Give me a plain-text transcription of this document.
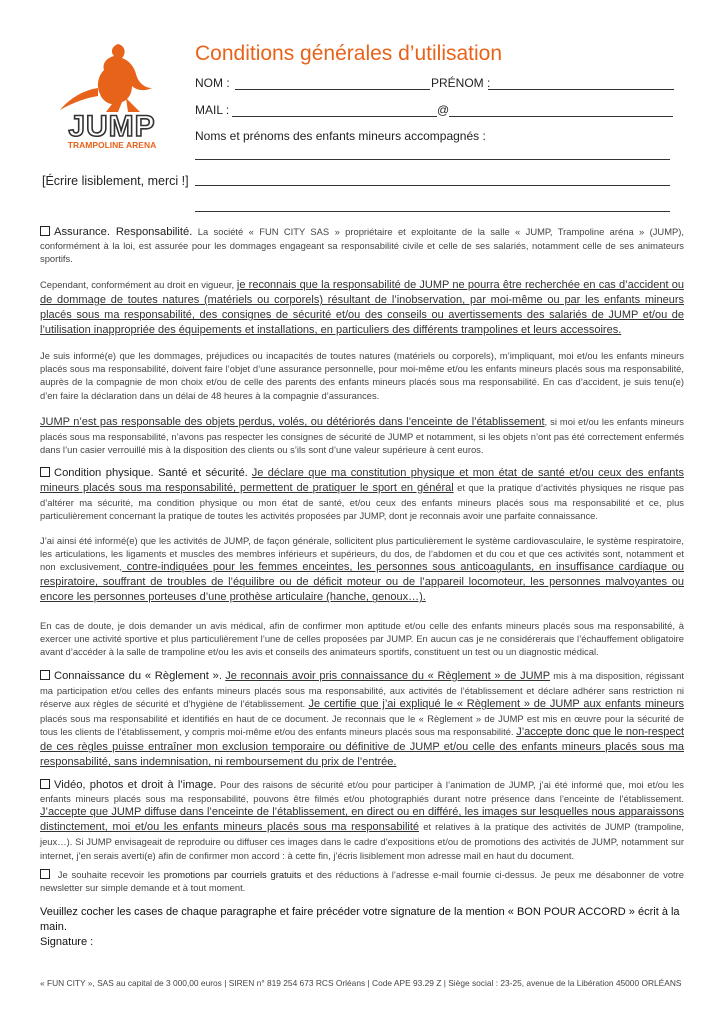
JUMP
TRAMPOLINE ARENA
Conditions générales d’utilisation
NOM :	PRÉNOM :
MAIL :	@
Noms et prénoms des enfants mineurs accompagnés :
[Écrire lisiblement, merci !]
Assurance. Responsabilité. La société « FUN CITY SAS » propriétaire et exploitante de la salle « JUMP, Trampoline aréna » (JUMP), conformément à la loi, est assurée pour les dommages engageant sa responsabilité civile et celle de ses salariés, notamment celle de ses animateurs sportifs.
Cependant, conformément au droit en vigueur, je reconnais que la responsabilité de JUMP ne pourra être recherchée en cas d’accident ou de dommage de toutes natures (matériels ou corporels) résultant de l’inobservation, par moi-même ou par les enfants mineurs placés sous ma responsabilité, des consignes de sécurité et/ou des conseils ou avertissements des salariés de JUMP et/ou de l’utilisation inappropriée des équipements et installations, en particuliers des différents trampolines et leurs accessoires.
Je suis informé(e) que les dommages, préjudices ou incapacités de toutes natures (matériels ou corporels), m’impliquant, moi et/ou les enfants mineurs placés sous ma responsabilité, doivent faire l’objet d’une assurance personnelle, pour moi-même et/ou les enfants mineurs placés sous ma responsabilité, auprès de la compagnie de mon choix et/ou de celle des parents des enfants mineurs placés sous ma responsabilité. En cas d’accident, je suis tenu(e) d’en faire la déclaration dans un délai de 48 heures à la compagnie d’assurances.
JUMP n’est pas responsable des objets perdus, volés, ou détériorés dans l’enceinte de l’établissement, si moi et/ou les enfants mineurs placés sous ma responsabilité, n’avons pas respecter les consignes de sécurité de JUMP et notamment, si les objets n’ont pas été correctement enfermés dans l’un casier verrouillé mis à la disposition des clients ou s’ils sont d’une valeur supérieure à cent euros.
Condition physique. Santé et sécurité. Je déclare que ma constitution physique et mon état de santé et/ou ceux des enfants mineurs placés sous ma responsabilité, permettent de pratiquer le sport en général et que la pratique d’activités physiques ne risque pas d’altérer ma sécurité, ma condition physique ou mon état de santé, et/ou ceux des enfants mineurs placés sous ma responsabilité et ce, plus particulièrement concernant la pratique de toutes les activités proposées par JUMP, dont je reconnais avoir une parfaite connaissance.
J’ai ainsi été informé(e) que les activités de JUMP, de façon générale, sollicitent plus particulièrement le système cardiovasculaire, le système respiratoire, les articulations, les ligaments et muscles des membres inférieurs et supérieurs, du dos, de l’abdomen et du cou et que ces activités sont, notamment et non exclusivement, contre-indiquées pour les femmes enceintes, les personnes sous anticoagulants, en insuffisance cardiaque ou respiratoire, souffrant de troubles de l’équilibre ou de déficit moteur ou de l’appareil locomoteur, les personnes malvoyantes ou encore les personnes porteuses d’une prothèse articulaire (hanche, genoux…).
En cas de doute, je dois demander un avis médical, afin de confirmer mon aptitude et/ou celle des enfants mineurs placés sous ma responsabilité, à exercer une activité sportive et plus particulièrement l’une de celles proposées par JUMP. En aucun cas je ne considérerais que l’échauffement obligatoire avant d’accéder à la salle de trampoline et/ou les avis et conseils des animateurs sportifs, constituent un test ou un diagnostic médical.
Connaissance du « Règlement ». Je reconnais avoir pris connaissance du « Règlement » de JUMP mis à ma disposition, régissant ma participation et/ou celles des enfants mineurs placés sous ma responsabilité, aux activités de l’établissement et déclare adhérer sans restriction ni réserve aux règles de sécurité et d’hygiène de l’établissement. Je certifie que j’ai expliqué le « Règlement » de JUMP aux enfants mineurs placés sous ma responsabilité et identifiés en haut de ce document. Je reconnais que le « Règlement » de JUMP est mis en œuvre pour la sécurité de tous les clients de l’établissement, y compris moi-même et/ou des enfants mineurs placés sous ma responsabilité. J’accepte donc que le non-respect de ces règles puisse entraîner mon exclusion temporaire ou définitive de JUMP et/ou celle des enfants mineurs placés sous ma responsabilité, sans indemnisation, ni remboursement du prix de l’entrée.
Vidéo, photos et droit à l’image. Pour des raisons de sécurité et/ou pour participer à l’animation de JUMP, j’ai été informé que, moi et/ou les enfants mineurs placés sous ma responsabilité, pouvons être filmés et/ou photographiés durant notre présence dans l’enceinte de l’établissement. J’accepte que JUMP diffuse dans l’enceinte de l’établissement, en direct ou en différé, les images sur lesquelles nous apparaissons distinctement, moi et/ou les enfants mineurs placés sous ma responsabilité et relatives à la pratique des activités de JUMP (trampoline, jeux…). Si JUMP envisageait de reproduire ou diffuser ces images dans le cadre d’expositions et/ou de promotions des activités de JUMP, notamment sur internet, j’en serais averti(e) afin de confirmer mon accord : à cette fin, j’écris lisiblement mon adresse mail en haut du document.
Je souhaite recevoir les promotions par courriels gratuits et des réductions à l’adresse e-mail fournie ci-dessus. Je peux me désabonner de votre newsletter sur simple demande et à tout moment.
Veuillez cocher les cases de chaque paragraphe et faire précéder votre signature de la mention « BON POUR ACCORD » écrit à la main.
Signature :
« FUN CITY », SAS au capital de 3 000,00 euros | SIREN n° 819 254 673 RCS Orléans | Code APE 93.29 Z | Siège social : 23-25, avenue de la Libération 45000 ORLÉANS
